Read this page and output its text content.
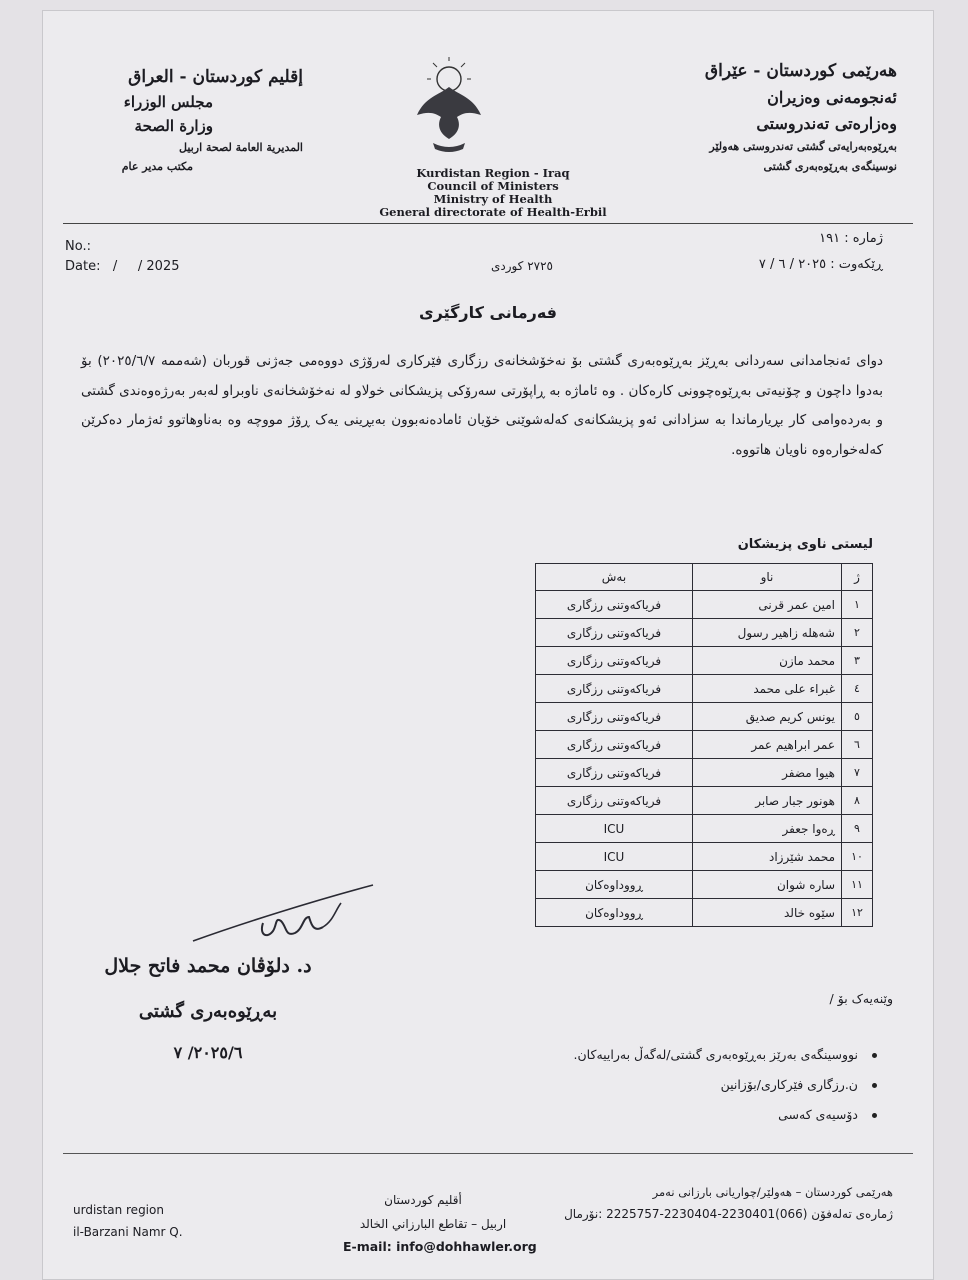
إقليم كوردستان - العراق
مجلس الوزراء
وزارة الصحة
المديرية العامة لصحة اربيل
مكتب مدير عام
هەرێمی کوردستان - عێراق
ئەنجومەنی وەزیران
وەزارەتی تەندروستی
بەڕێوەبەرایەتی گشتی تەندروستی هەولێر
نوسینگەی بەڕێوەبەری گشتی
Kurdistan Region - Iraq
Council of Ministers
Ministry of Health
General directorate of Health-Erbil
No.:
Date:   /     / 2025	٢٧٢٥ کوردی
ژمارە : ١٩١
ڕێکەوت : ٢٠٢٥ / ٦ / ٧
فەرمانی کارگێری
دوای ئەنجامدانی سەردانی بەڕێز بەڕێوەبەری گشتی بۆ نەخۆشخانەی رزگاری فێرکاری لەرۆژی دووەمی جەژنی قوربان (شەممە ٢٠٢٥/٦/٧) بۆ بەدوا داچون و چۆنیەتی بەڕێوەچوونی کارەکان . وە ئاماژە بە ڕاپۆرتی سەرۆکی پزیشکانی خولاو لە نەخۆشخانەی ناوبراو لەبەر بەرژەوەندی گشتی و بەردەوامی کار بڕیارماندا بە سزادانی ئەو پزیشکانەی کەلەشوێنی خۆیان ئامادەنەبوون بەبڕینی یەک ڕۆژ مووچە وە بەناوهاتوو ئەژمار دەکرێن کەلەخوارەوە ناویان هاتووە.
لیستی ناوی پزیشکان
ژ	ناو	بەش
١	امین عمر قرنی	فریاکەوتنی رزگاری
٢	شەهلە زاهیر رسول	فریاکەوتنی رزگاری
٣	محمد مازن	فریاکەوتنی رزگاری
٤	غبراء علی محمد	فریاکەوتنی رزگاری
٥	یونس کریم صدیق	فریاکەوتنی رزگاری
٦	عمر ابراهیم عمر	فریاکەوتنی رزگاری
٧	هیوا مضفر	فریاکەوتنی رزگاری
٨	هونور جبار صابر	فریاکەوتنی رزگاری
٩	ڕەوا جعفر	ICU
١٠	محمد شێرزاد	ICU
١١	سارە شوان	ڕووداوەکان
١٢	سێوە خالد	ڕووداوەکان
د. دلۆڤان محمد فاتح جلال
بەڕێوەبەری گشتی
٢٠٢٥/٦/ ٧
وێنەیەک بۆ /
نووسینگەی بەرێز بەڕێوەبەری گشتی/لەگەڵ بەراییەکان.
ن.رزگاری فێرکاری/بۆزانین
دۆسیەی کەسی
urdistan region
il-Barzani Namr Q.
أقليم كوردستان
اربيل – تقاطع البارزاني الخالد
E-mail: info@dohhawler.org
هەرێمی کوردستان – هەولێر/چواریانی بارزانی نەمر
ژمارەی تەلەفۆن (066)2230401-2230404-2225757 :نۆرمال
